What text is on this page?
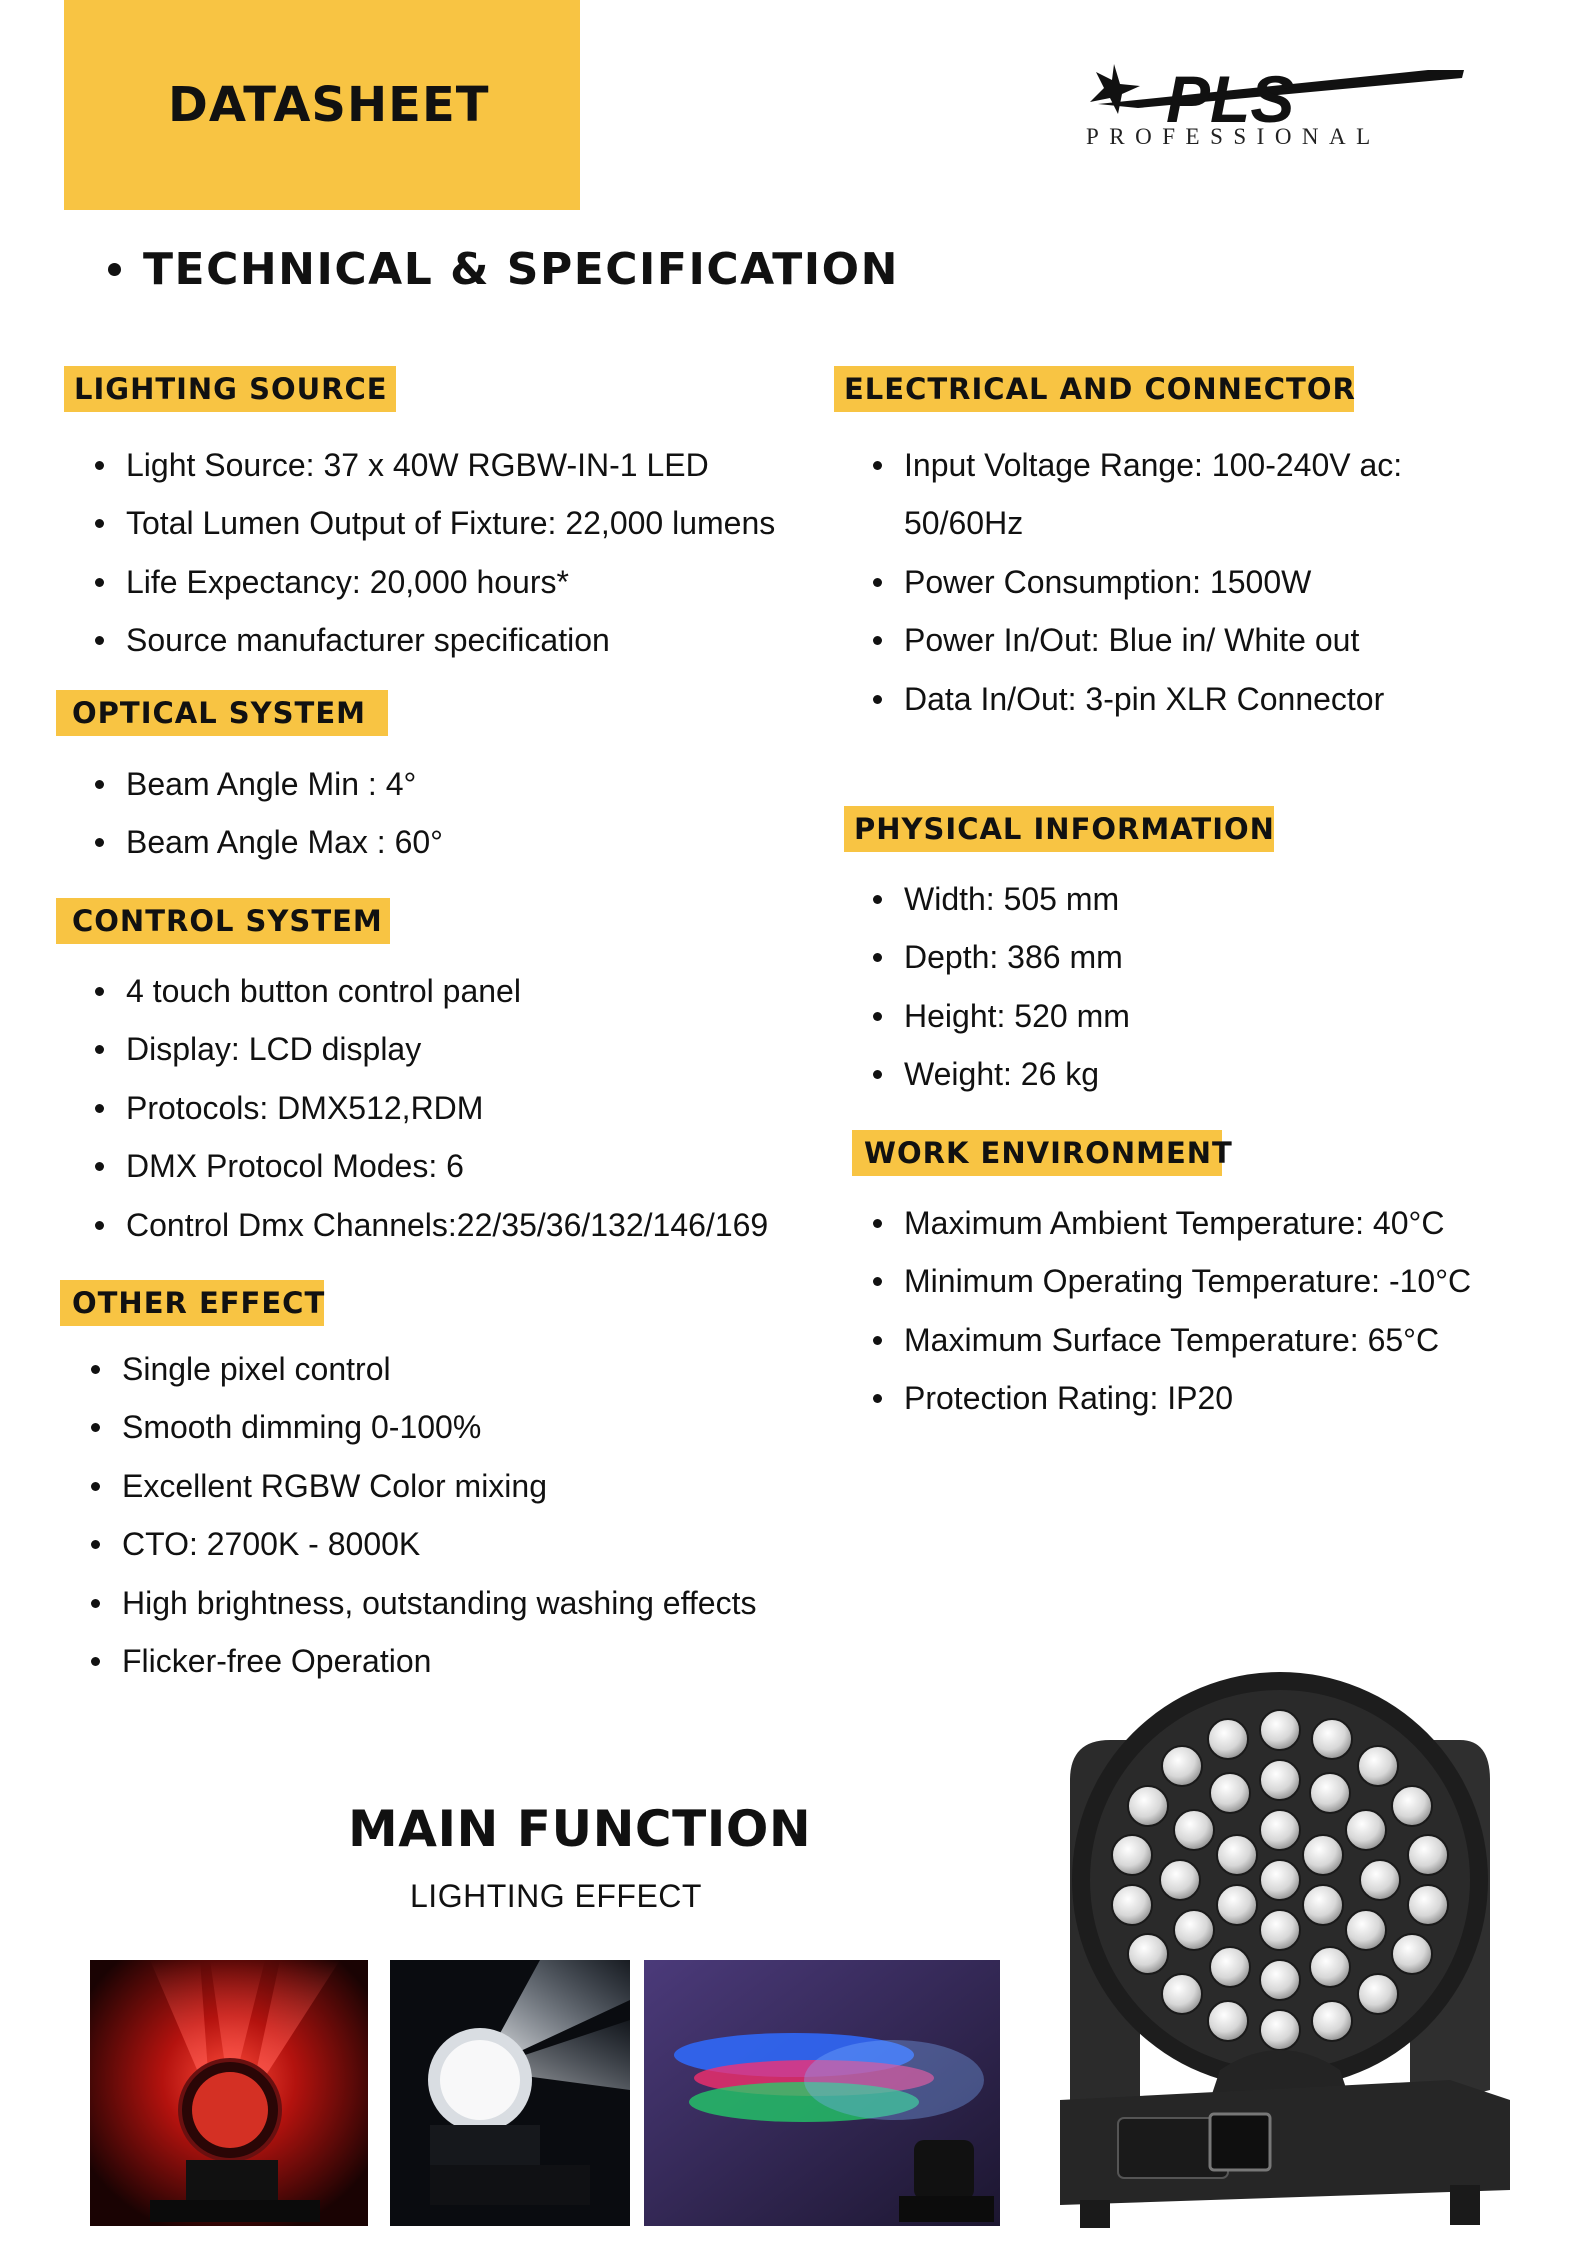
DATASHEET	PLS
PROFESSIONAL
TECHNICAL & SPECIFICATION
LIGHTING SOURCE
Light Source: 37 x 40W RGBW-IN-1 LED
Total Lumen Output of Fixture: 22,000 lumens
Life Expectancy: 20,000 hours*
Source manufacturer specification
OPTICAL SYSTEM
Beam Angle Min : 4°
Beam Angle Max : 60°
CONTROL SYSTEM
4 touch button control panel
Display: LCD display
Protocols: DMX512,RDM
DMX Protocol Modes: 6
Control Dmx Channels:22/35/36/132/146/169
OTHER EFFECT
Single pixel control
Smooth dimming 0-100%
Excellent RGBW Color mixing
CTO: 2700K - 8000K
High brightness, outstanding washing effects
Flicker-free Operation
ELECTRICAL AND CONNECTOR
Input Voltage Range: 100-240V ac:
50/60Hz
Power Consumption: 1500W
Power In/Out: Blue in/ White out
Data In/Out: 3-pin XLR Connector
PHYSICAL INFORMATION
Width: 505 mm
Depth: 386 mm
Height: 520 mm
Weight: 26 kg
WORK ENVIRONMENT
Maximum Ambient Temperature: 40°C
Minimum Operating Temperature: -10°C
Maximum Surface Temperature: 65°C
Protection Rating: IP20
MAIN FUNCTION
LIGHTING EFFECT
